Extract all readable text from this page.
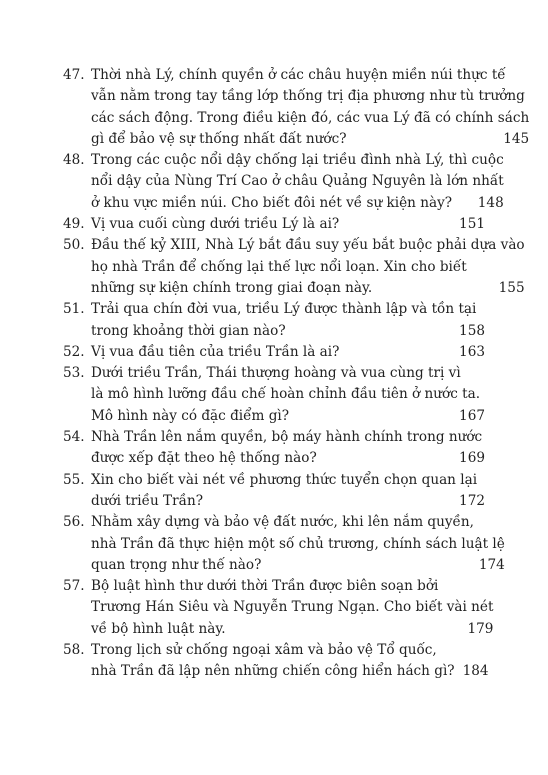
47. Thời nhà Lý, chính quyền ở các châu huyện miền núi thực tế
vẫn nằm trong tay tầng lớp thống trị địa phương như tù trưởng
các sách động. Trong điều kiện đó, các vua Lý đã có chính sách
gì để bảo vệ sự thống nhất đất nước?	145
48. Trong các cuộc nổi dậy chống lại triều đình nhà Lý, thì cuộc
nổi dậy của Nùng Trí Cao ở châu Quảng Nguyên là lớn nhất
ở khu vực miền núi. Cho biết đôi nét về sự kiện này?	148
49. Vị vua cuối cùng dưới triều Lý là ai?	151
50. Đầu thế kỷ XIII, Nhà Lý bắt đầu suy yếu bắt buộc phải dựa vào
họ nhà Trần để chống lại thế lực nổi loạn. Xin cho biết
những sự kiện chính trong giai đoạn này.	155
51. Trải qua chín đời vua, triều Lý được thành lập và tồn tại
trong khoảng thời gian nào?	158
52. Vị vua đầu tiên của triều Trần là ai?	163
53. Dưới triều Trần, Thái thượng hoàng và vua cùng trị vì
là mô hình lưỡng đầu chế hoàn chỉnh đầu tiên ở nước ta.
Mô hình này có đặc điểm gì?	167
54. Nhà Trần lên nắm quyền, bộ máy hành chính trong nước
được xếp đặt theo hệ thống nào?	169
55. Xin cho biết vài nét về phương thức tuyển chọn quan lại
dưới triều Trần?	172
56. Nhằm xây dựng và bảo vệ đất nước, khi lên nắm quyền,
nhà Trần đã thực hiện một số chủ trương, chính sách luật lệ
quan trọng như thế nào?	174
57. Bộ luật hình thư dưới thời Trần được biên soạn bởi
Trương Hán Siêu và Nguyễn Trung Ngạn. Cho biết vài nét
về bộ hình luật này.	179
58. Trong lịch sử chống ngoại xâm và bảo vệ Tổ quốc,
nhà Trần đã lập nên những chiến công hiển hách gì? 184
